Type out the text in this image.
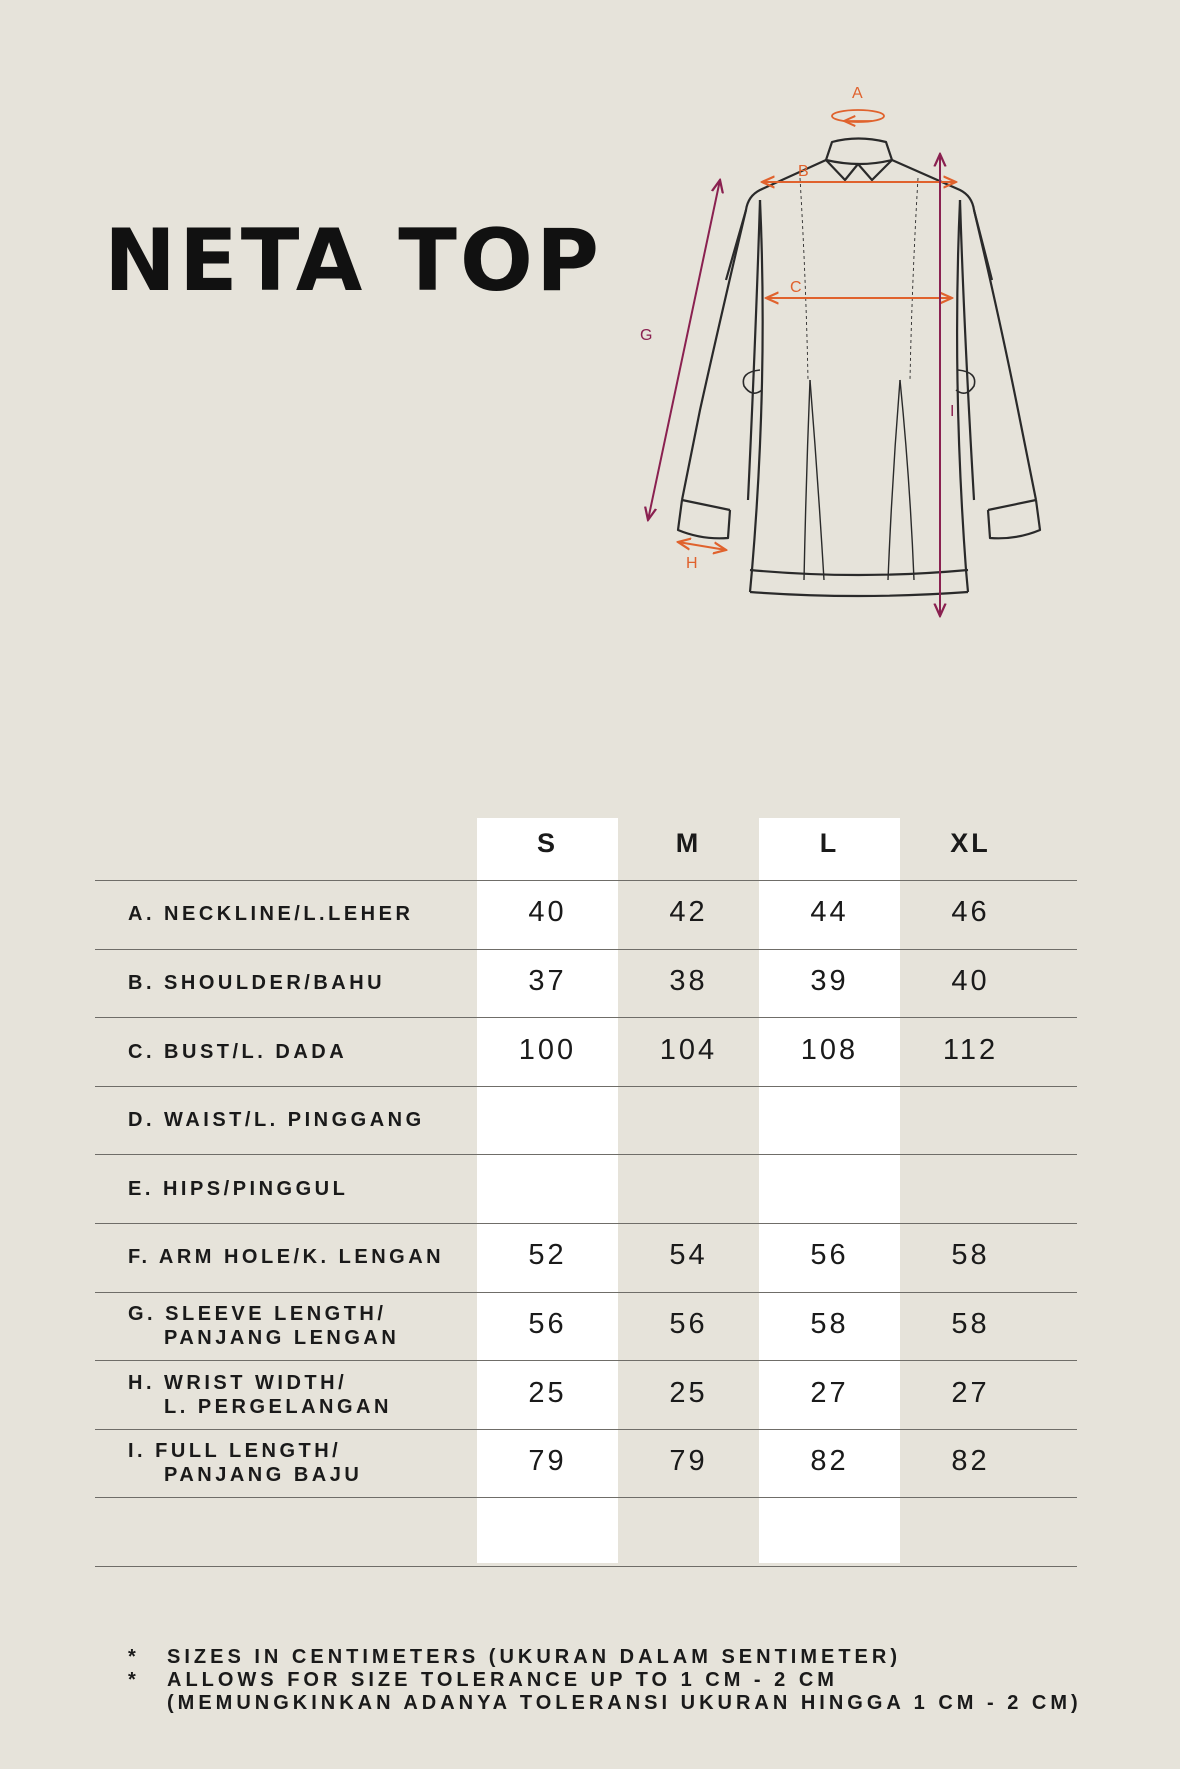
NETA TOP
A
B
C
G
H
I
S	M	L	XL
A. NECKLINE/L.LEHER	40	42	44	46
B. SHOULDER/BAHU	37	38	39	40
C. BUST/L. DADA	100	104	108	112
D. WAIST/L. PINGGANG
E. HIPS/PINGGUL
F. ARM HOLE/K. LENGAN	52	54	56	58
G. SLEEVE LENGTH/
PANJANG LENGAN	56	56	58	58
H. WRIST WIDTH/
L. PERGELANGAN	25	25	27	27
I. FULL LENGTH/
PANJANG BAJU	79	79	82	82
* SIZES IN CENTIMETERS (UKURAN DALAM SENTIMETER)
* ALLOWS FOR SIZE TOLERANCE UP TO 1 CM - 2 CM
(MEMUNGKINKAN ADANYA TOLERANSI UKURAN HINGGA 1 CM - 2 CM)
